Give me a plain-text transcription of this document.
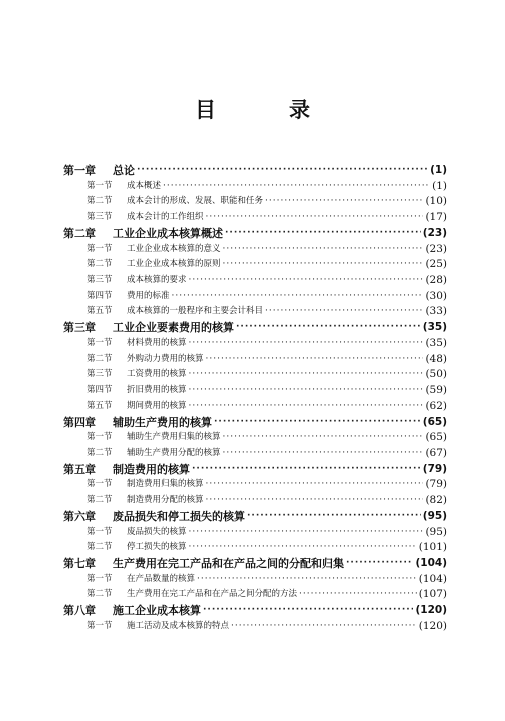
目　录
第一章	总论 ·····	(1)
第一节	成本概述 ·····	(1)
第二节	成本会计的形成、发展、职能和任务 ·····	(10)
第三节	成本会计的工作组织 ·····	(17)
第二章	工业企业成本核算概述 ·····	(23)
第一节	工业企业成本核算的意义 ·····	(23)
第二节	工业企业成本核算的原则 ·····	(25)
第三节	成本核算的要求 ·····	(28)
第四节	费用的标准 ·····	(30)
第五节	成本核算的一般程序和主要会计科目 ·····	(33)
第三章	工业企业要素费用的核算 ·····	(35)
第一节	材料费用的核算 ·····	(35)
第二节	外购动力费用的核算 ·····	(48)
第三节	工资费用的核算 ·····	(50)
第四节	折旧费用的核算 ·····	(59)
第五节	期间费用的核算 ·····	(62)
第四章	辅助生产费用的核算 ·····	(65)
第一节	辅助生产费用归集的核算 ·····	(65)
第二节	辅助生产费用分配的核算 ·····	(67)
第五章	制造费用的核算 ·····	(79)
第一节	制造费用归集的核算 ·····	(79)
第二节	制造费用分配的核算 ·····	(82)
第六章	废品损失和停工损失的核算 ·····	(95)
第一节	废品损失的核算 ·····	(95)
第二节	停工损失的核算 ·····	(101)
第七章	生产费用在完工产品和在产品之间的分配和归集 ·····	(104)
第一节	在产品数量的核算 ·····	(104)
第二节	生产费用在完工产品和在产品之间分配的方法 ·····	(107)
第八章	施工企业成本核算 ·····	(120)
第一节	施工活动及成本核算的特点 ·····	(120)
